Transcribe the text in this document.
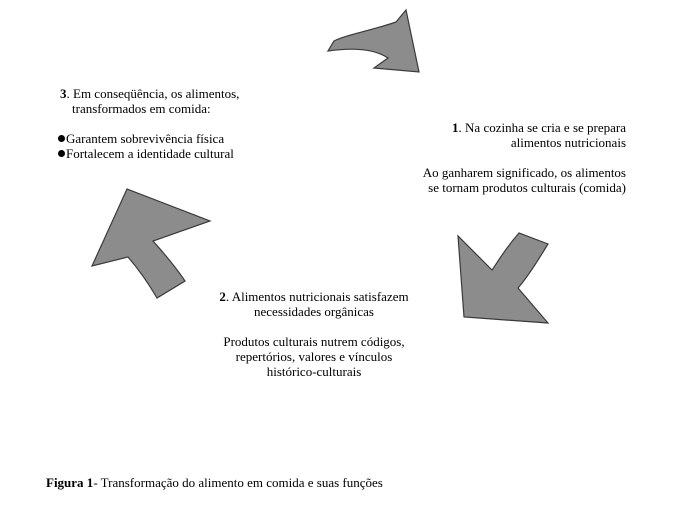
3. Em conseqüência, os alimentos,

transformados em comida:

Garantem sobrevivência física
Fortalecem a identidade cultural

1. Na cozinha se cria e se prepara

alimentos nutricionais

Ao ganharem significado, os alimentos

se tornam produtos culturais (comida)

2. Alimentos nutricionais satisfazem

necessidades orgânicas

Produtos culturais nutrem códigos,

repertórios, valores e vínculos

histórico-culturais

Figura 1- Transformação do alimento em comida e suas funções
